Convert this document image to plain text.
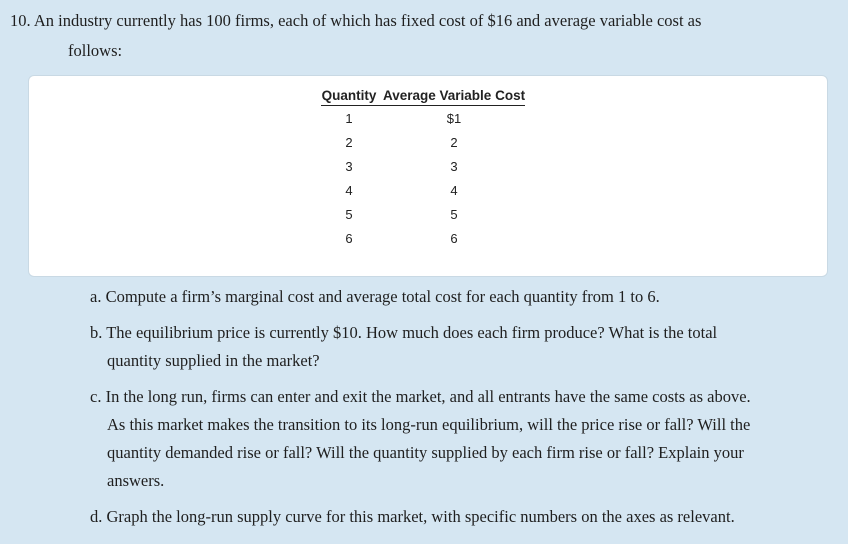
10. An industry currently has 100 firms, each of which has fixed cost of $16 and average variable cost as
follows:

Quantity	Average Variable Cost
1	$1
2	2
3	3
4	4
5	5
6	6

a. Compute a firm’s marginal cost and average total cost for each quantity from 1 to 6.

b. The equilibrium price is currently $10. How much does each firm produce? What is the total
quantity supplied in the market?

c. In the long run, firms can enter and exit the market, and all entrants have the same costs as above.
As this market makes the transition to its long-run equilibrium, will the price rise or fall? Will the
quantity demanded rise or fall? Will the quantity supplied by each firm rise or fall? Explain your
answers.

d. Graph the long-run supply curve for this market, with specific numbers on the axes as relevant.
